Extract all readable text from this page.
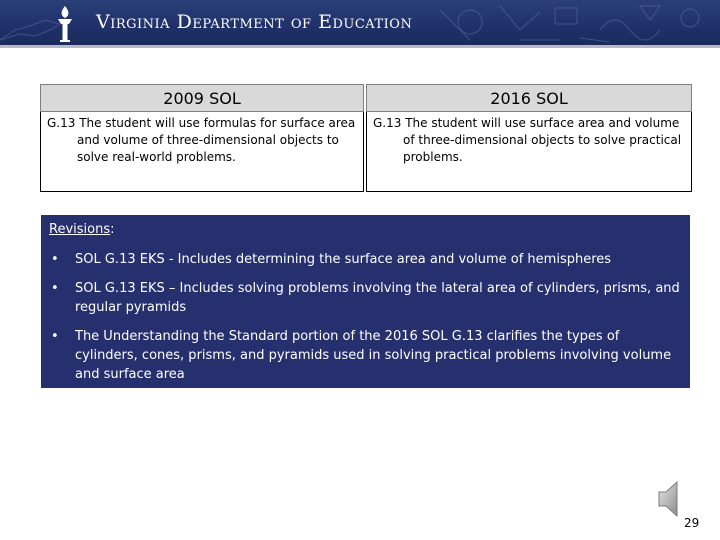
Virginia Department of Education
2009 SOL		2016 SOL

G.13 The student will use formulas for surface area and volume of three-dimensional objects to solve real-world problems.		G.13 The student will use surface area and volume of three-dimensional objects to solve practical problems.

Revisions:
• SOL G.13 EKS - Includes determining the surface area and volume of hemispheres
• SOL G.13 EKS – Includes solving problems involving the lateral area of cylinders, prisms, and regular pyramids
• The Understanding the Standard portion of the 2016 SOL G.13 clarifies the types of cylinders, cones, prisms, and pyramids used in solving practical problems involving volume and surface area
29
